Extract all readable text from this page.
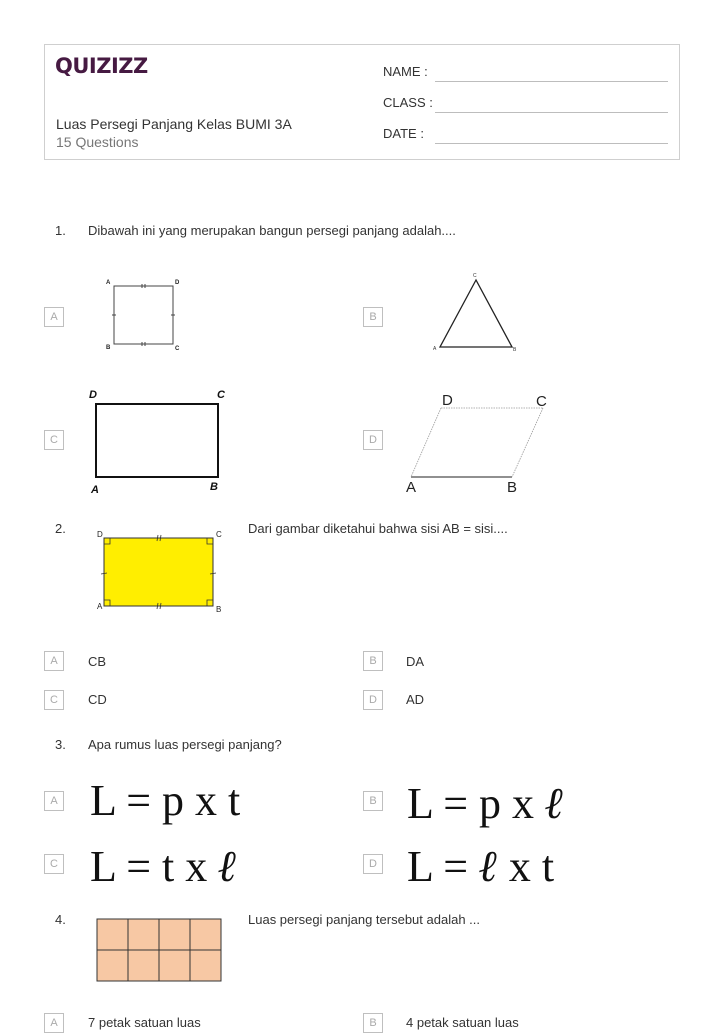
QUIZIZZ
Luas Persegi Panjang Kelas BUMI 3A
15 Questions
NAME :
CLASS :
DATE :
1. Dibawah ini yang merupakan bangun persegi panjang adalah....
A	B
C	D
A	D
B	C
C
A	B
D	C
A	B
D	C
A	B
2.	Dari gambar diketahui bahwa sisi AB = sisi....
D	C
A	B
A	CB	B	DA
C	CD	D	AD
3. Apa rumus luas persegi panjang?
A L = p x t	B L = p x ℓ
C L = t x ℓ	D L = ℓ x t
4.	Luas persegi panjang tersebut adalah ...
A	7 petak satuan luas	B	4 petak satuan luas
